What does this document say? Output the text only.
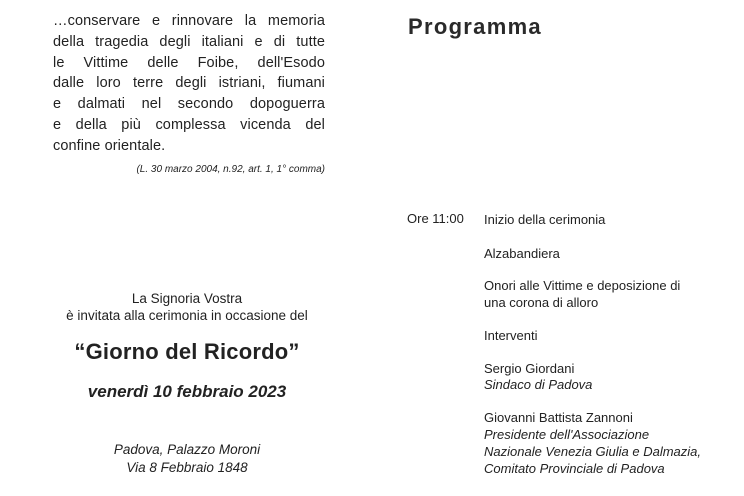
…conservare e rinnovare la memoria
della tragedia degli italiani e di tutte
le Vittime delle Foibe, dell'Esodo
dalle loro terre degli istriani, fiumani
e dalmati nel secondo dopoguerra
e della più complessa vicenda del
confine orientale.
(L. 30 marzo 2004, n.92, art. 1, 1° comma)
La Signoria Vostra
è invitata alla cerimonia in occasione del
“Giorno del Ricordo”
venerdì 10 febbraio 2023
Padova, Palazzo Moroni
Via 8 Febbraio 1848
Programma
Ore 11:00 Inizio della cerimonia
Alzabandiera
Onori alle Vittime e deposizione di
una corona di alloro
Interventi
Sergio Giordani
Sindaco di Padova
Giovanni Battista Zannoni
Presidente dell'Associazione
Nazionale Venezia Giulia e Dalmazia,
Comitato Provinciale di Padova
